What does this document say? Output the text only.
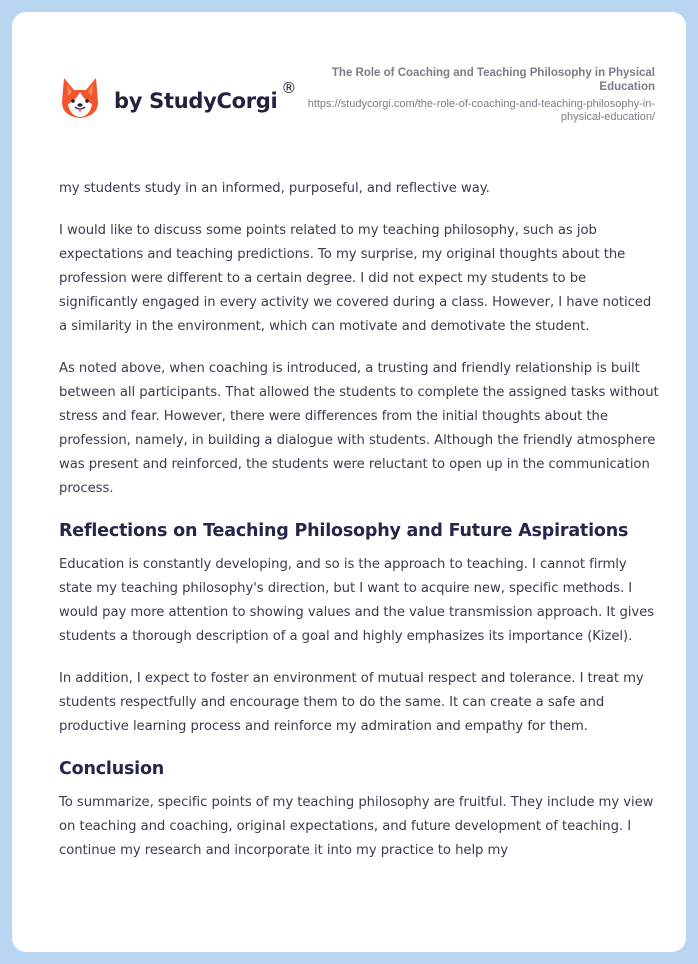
by StudyCorgi
®
The Role of Coaching and Teaching Philosophy in Physical Education
https://studycorgi.com/the-role-of-coaching-and-teaching-philosophy-in-physical-education/

my students study in an informed, purposeful, and reflective way.

I would like to discuss some points related to my teaching philosophy, such as job expectations and teaching predictions. To my surprise, my original thoughts about the profession were different to a certain degree. I did not expect my students to be significantly engaged in every activity we covered during a class. However, I have noticed a similarity in the environment, which can motivate and demotivate the student.

As noted above, when coaching is introduced, a trusting and friendly relationship is built between all participants. That allowed the students to complete the assigned tasks without stress and fear. However, there were differences from the initial thoughts about the profession, namely, in building a dialogue with students. Although the friendly atmosphere was present and reinforced, the students were reluctant to open up in the communication process.

Reflections on Teaching Philosophy and Future Aspirations

Education is constantly developing, and so is the approach to teaching. I cannot firmly state my teaching philosophy's direction, but I want to acquire new, specific methods. I would pay more attention to showing values and the value transmission approach. It gives students a thorough description of a goal and highly emphasizes its importance (Kizel).

In addition, I expect to foster an environment of mutual respect and tolerance. I treat my students respectfully and encourage them to do the same. It can create a safe and productive learning process and reinforce my admiration and empathy for them.

Conclusion

To summarize, specific points of my teaching philosophy are fruitful. They include my view on teaching and coaching, original expectations, and future development of teaching. I continue my research and incorporate it into my practice to help my
